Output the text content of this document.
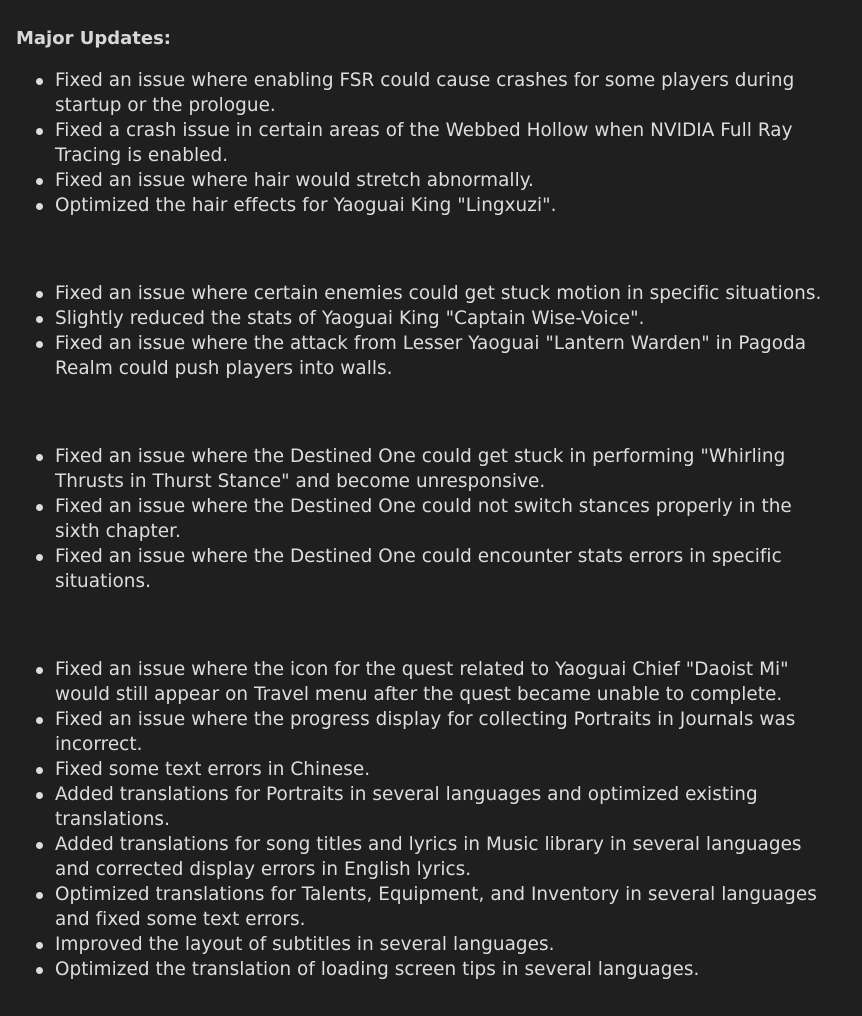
Major Updates:
Fixed an issue where enabling FSR could cause crashes for some players during startup or the prologue.
Fixed a crash issue in certain areas of the Webbed Hollow when NVIDIA Full Ray Tracing is enabled.
Fixed an issue where hair would stretch abnormally.
Optimized the hair effects for Yaoguai King "Lingxuzi".
Fixed an issue where certain enemies could get stuck motion in specific situations.
Slightly reduced the stats of Yaoguai King "Captain Wise-Voice".
Fixed an issue where the attack from Lesser Yaoguai "Lantern Warden" in Pagoda Realm could push players into walls.
Fixed an issue where the Destined One could get stuck in performing "Whirling Thrusts in Thurst Stance" and become unresponsive.
Fixed an issue where the Destined One could not switch stances properly in the sixth chapter.
Fixed an issue where the Destined One could encounter stats errors in specific situations.
Fixed an issue where the icon for the quest related to Yaoguai Chief "Daoist Mi" would still appear on Travel menu after the quest became unable to complete.
Fixed an issue where the progress display for collecting Portraits in Journals was incorrect.
Fixed some text errors in Chinese.
Added translations for Portraits in several languages and optimized existing translations.
Added translations for song titles and lyrics in Music library in several languages and corrected display errors in English lyrics.
Optimized translations for Talents, Equipment, and Inventory in several languages and fixed some text errors.
Improved the layout of subtitles in several languages.
Optimized the translation of loading screen tips in several languages.
